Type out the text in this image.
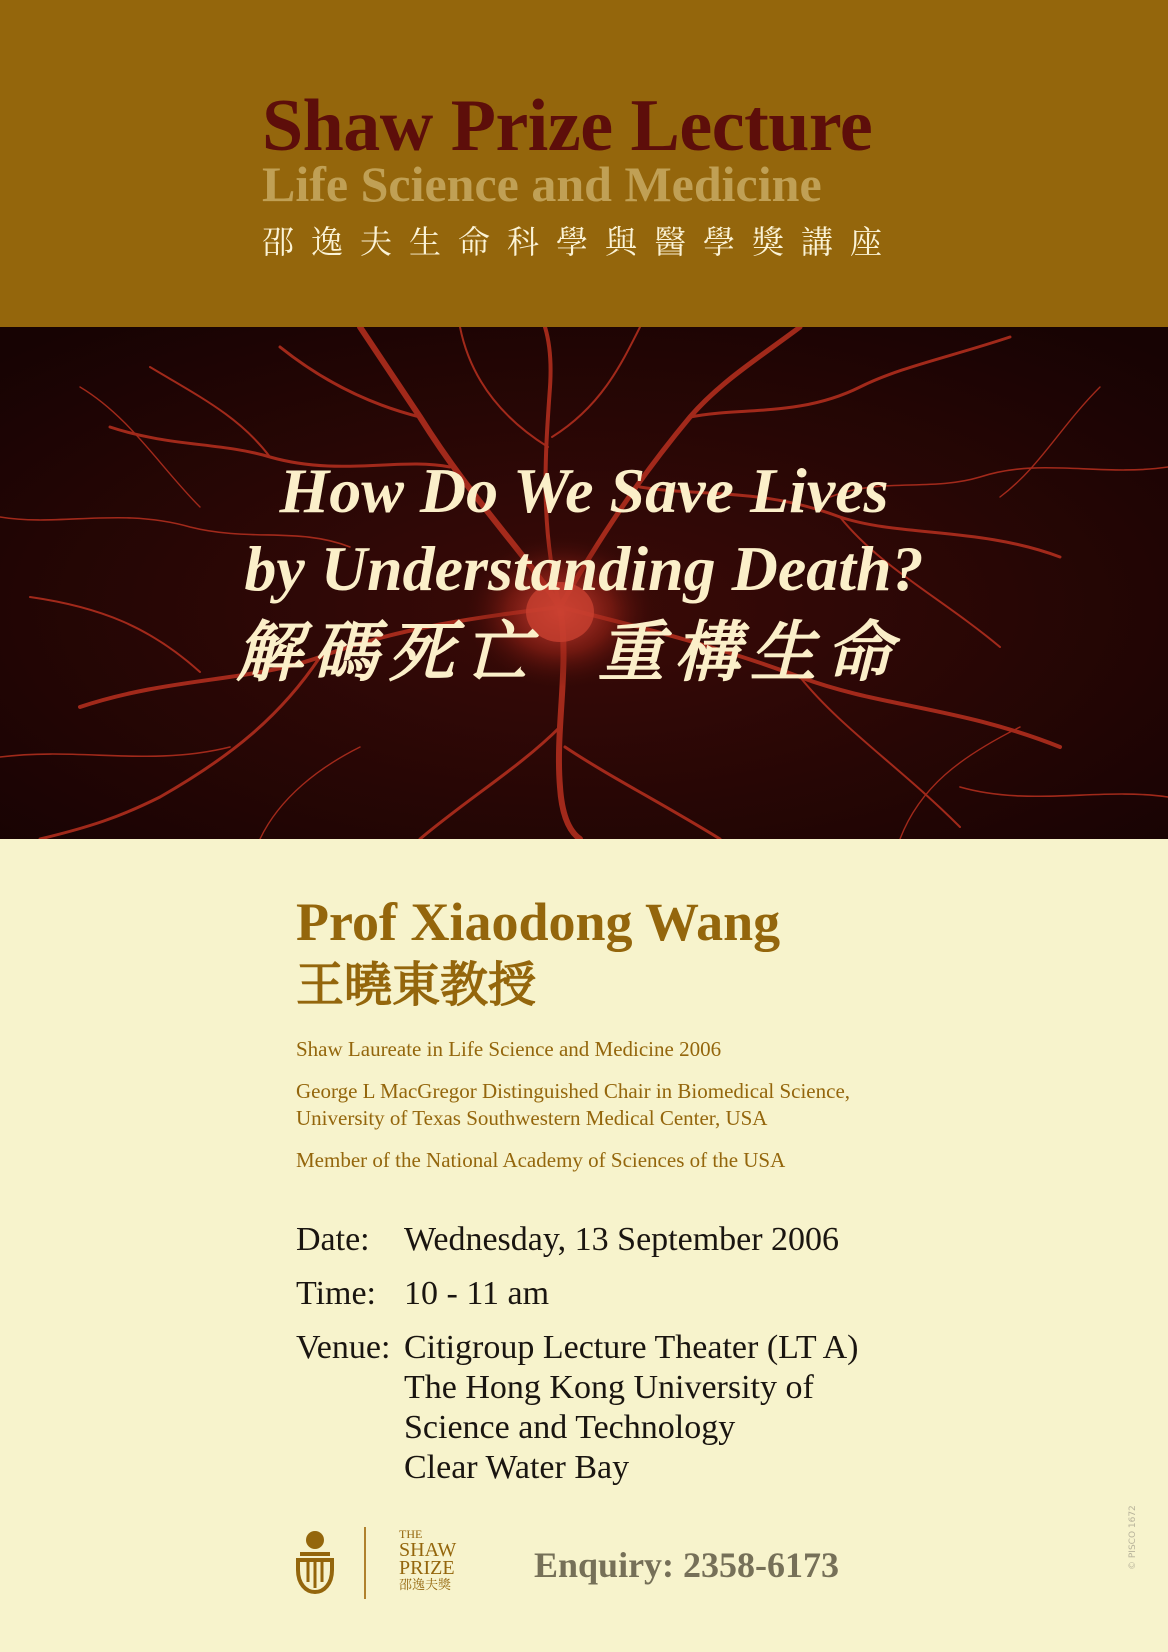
Shaw Prize Lecture
Life Science and Medicine
邵逸夫生命科學與醫學獎講座
How Do We Save Lives
by Understanding Death?
解碼死亡 重構生命
Prof Xiaodong Wang
王曉東教授

Shaw Laureate in Life Science and Medicine 2006

George L MacGregor Distinguished Chair in Biomedical Science,
University of Texas Southwestern Medical Center, USA

Member of the National Academy of Sciences of the USA

Date:	Wednesday, 13 September 2006
Time: 10 - 11 am
Venue: Citigroup Lecture Theater (LT A)
The Hong Kong University of
Science and Technology
Clear Water Bay
THE
SHAW
PRIZE
邵逸夫獎
Enquiry: 2358-6173	© PISCO 1672
